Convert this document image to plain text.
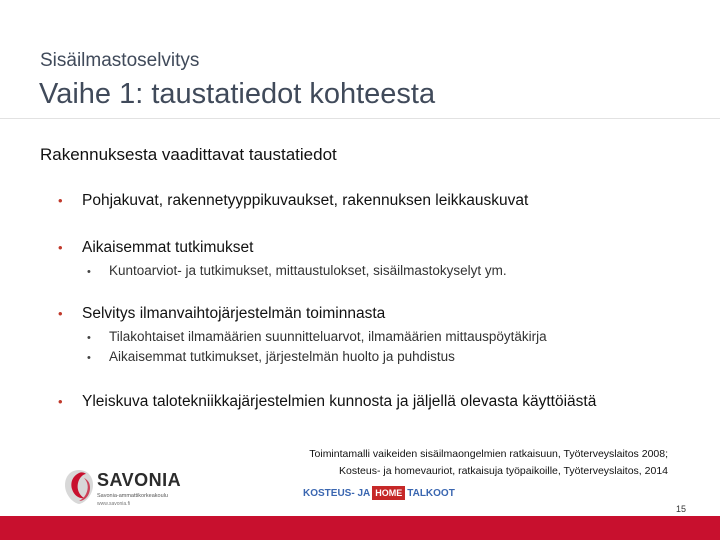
Sisäilmastoselvitys
Vaihe 1: taustatiedot kohteesta
Rakennuksesta vaadittavat taustatiedot
• Pohjakuvat, rakennetyyppikuvaukset, rakennuksen leikkauskuvat
• Aikaisemmat tutkimukset
• Kuntoarviot- ja tutkimukset, mittaustulokset, sisäilmastokyselyt ym.
• Selvitys ilmanvaihtojärjestelmän toiminnasta
• Tilakohtaiset ilmamäärien suunnitteluarvot, ilmamäärien mittauspöytäkirja
• Aikaisemmat tutkimukset, järjestelmän huolto ja puhdistus
• Yleiskuva talotekniikkajärjestelmien kunnosta ja jäljellä olevasta käyttöiästä
Toimintamalli vaikeiden sisäilmaongelmien ratkaisuun, Työterveyslaitos 2008;
Kosteus- ja homevauriot, ratkaisuja työpaikoille, Työterveyslaitos, 2014
SAVONIA
Savonia-ammattikorkeakoulu
www.savonia.fi
KOSTEUS- JA HOME TALKOOT
15
